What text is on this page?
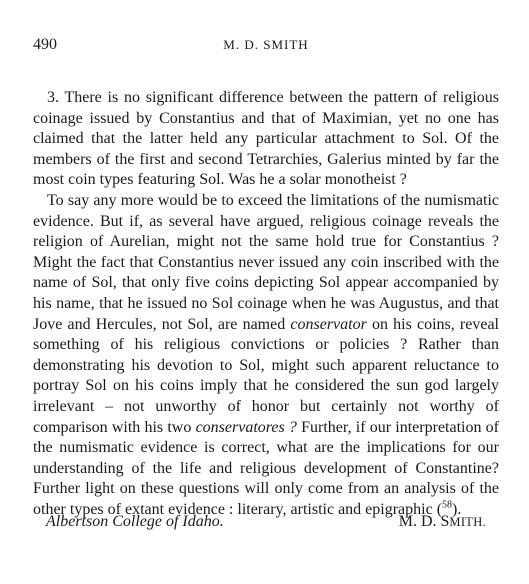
490	M. D. SMITH

3. There is no significant difference between the pattern of religious coinage issued by Constantius and that of Maximian, yet no one has claimed that the latter held any particular attachment to Sol. Of the members of the first and second Tetrarchies, Galerius minted by far the most coin types featuring Sol. Was he a solar monotheist ?

To say any more would be to exceed the limitations of the numismatic evidence. But if, as several have argued, religious coinage reveals the religion of Aurelian, might not the same hold true for Constantius ? Might the fact that Constantius never issued any coin inscribed with the name of Sol, that only five coins depicting Sol appear accompanied by his name, that he issued no Sol coinage when he was Augustus, and that Jove and Hercules, not Sol, are named conservator on his coins, reveal something of his religious convictions or policies ? Rather than demonstrating his devotion to Sol, might such apparent reluctance to portray Sol on his coins imply that he considered the sun god largely irrelevant – not unworthy of honor but certainly not worthy of comparison with his two conservatores ? Further, if our interpretation of the numismatic evidence is correct, what are the implications for our understanding of the life and religious development of Constantine? Further light on these questions will only come from an analysis of the other types of extant evidence : literary, artistic and epigraphic ($^{58}$).

Albertson College of Idaho.	M. D. SMITH.
